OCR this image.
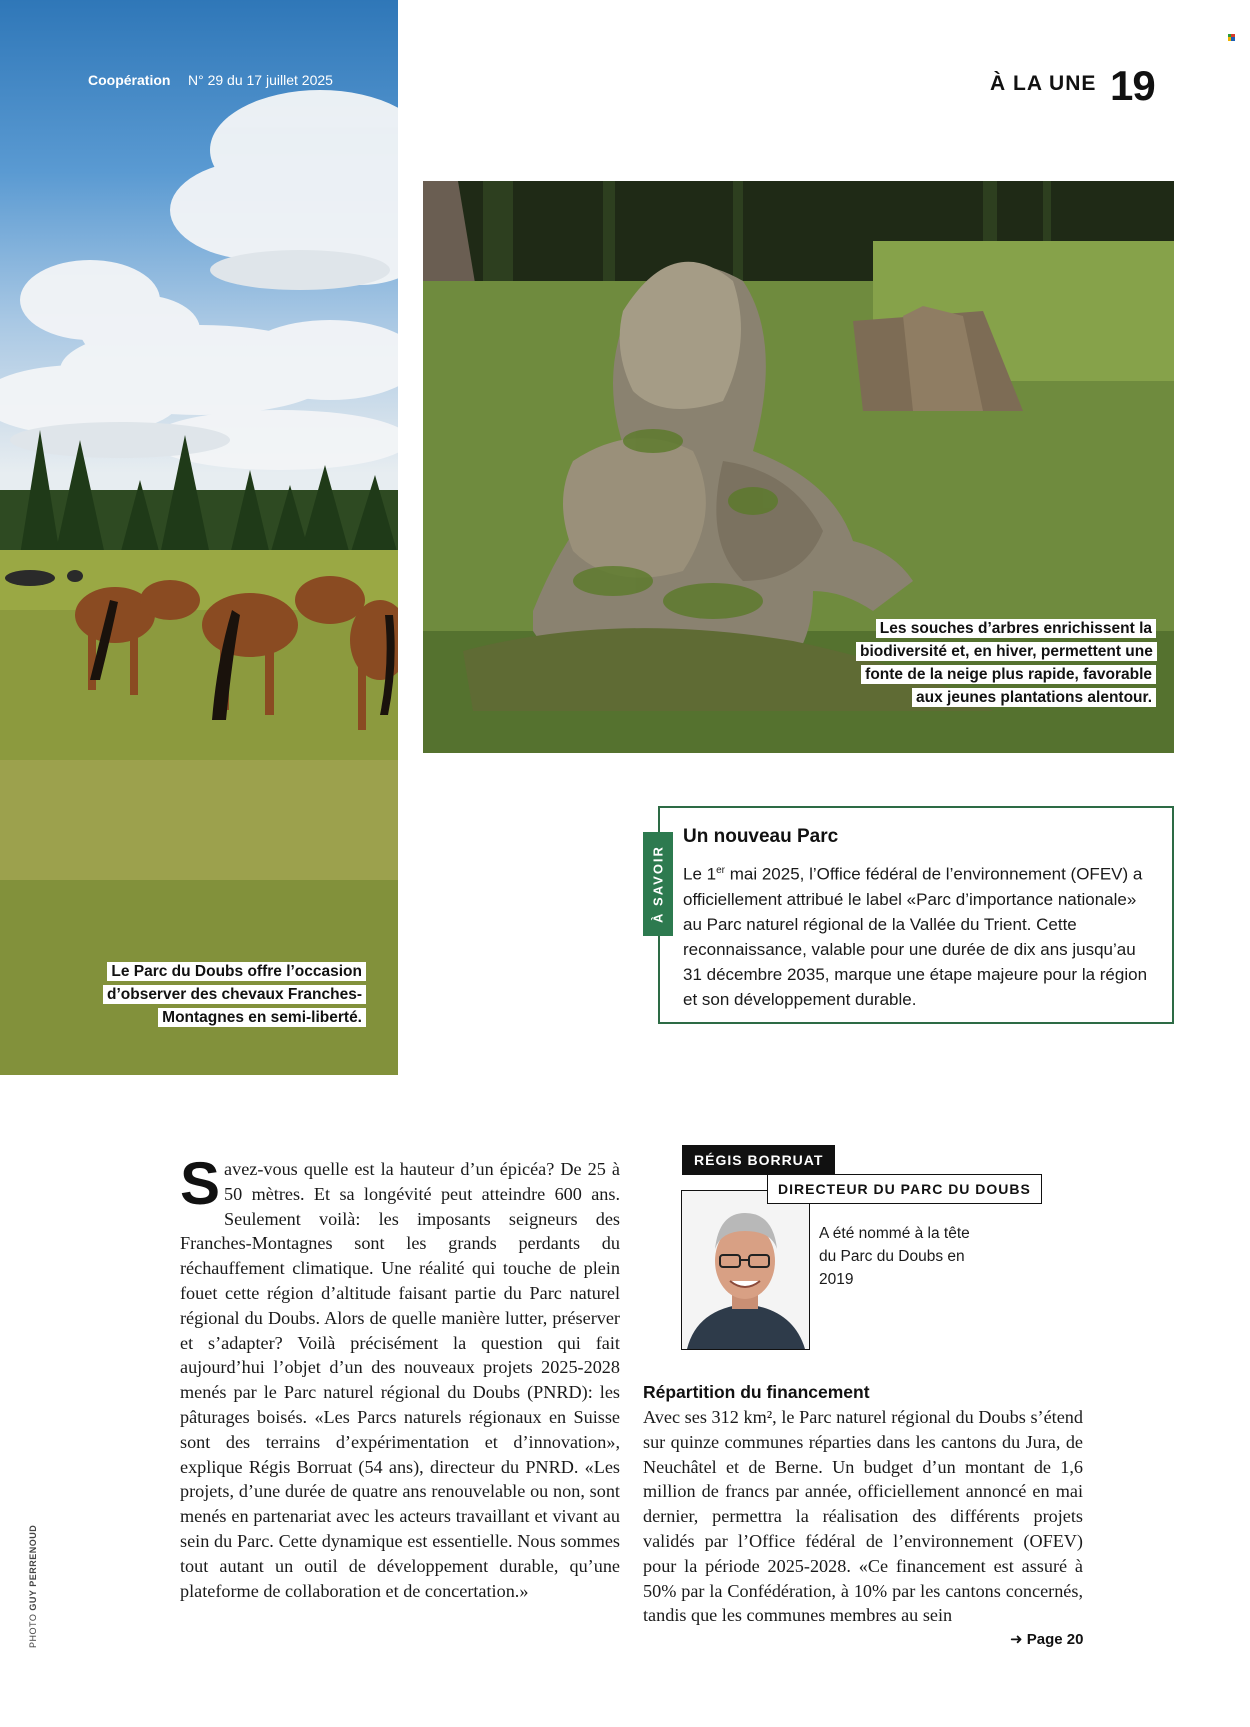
Coopération N° 29 du 17 juillet 2025	À LA UNE 19
Les souches d’arbres enrichissent la biodiversité et, en hiver, permettent une fonte de la neige plus rapide, favorable aux jeunes plantations alentour.
Le Parc du Doubs offre l’occasion d’observer des chevaux Franches-Montagnes en semi-liberté.
À SAVOIR
Un nouveau Parc
Le 1er mai 2025, l’Office fédéral de l’environnement (OFEV) a officiellement attribué le label «Parc d’importance nationale» au Parc naturel régional de la Vallée du Trient. Cette reconnaissance, valable pour une durée de dix ans jusqu’au 31 décembre 2035, marque une étape majeure pour la région et son développement durable.
Savez-vous quelle est la hauteur d’un épicéa? De 25 à 50 mètres. Et sa longévité peut atteindre 600 ans. Seulement voilà: les imposants seigneurs des Franches-Montagnes sont les grands perdants du réchauffement climatique. Une réalité qui touche de plein fouet cette région d’altitude faisant partie du Parc naturel régional du Doubs. Alors de quelle manière lutter, préserver et s’adapter? Voilà précisément la question qui fait aujourd’hui l’objet d’un des nouveaux projets 2025-2028 menés par le Parc naturel régional du Doubs (PNRD): les pâturages boisés. «Les Parcs naturels régionaux en Suisse sont des terrains d’expérimentation et d’innovation», explique Régis Borruat (54 ans), directeur du PNRD. «Les projets, d’une durée de quatre ans renouvelable ou non, sont menés en partenariat avec les acteurs travaillant et vivant au sein du Parc. Cette dynamique est essentielle. Nous sommes tout autant un outil de développement durable, qu’une plateforme de collaboration et de concertation.»
RÉGIS BORRUAT
DIRECTEUR DU PARC DU DOUBS
A été nommé à la tête du Parc du Doubs en 2019
Répartition du financement
Avec ses 312 km², le Parc naturel régional du Doubs s’étend sur quinze communes réparties dans les cantons du Jura, de Neuchâtel et de Berne. Un budget d’un montant de 1,6 million de francs par année, officiellement annoncé en mai dernier, permettra la réalisation des différents projets validés par l’Office fédéral de l’environnement (OFEV) pour la période 2025-2028. «Ce financement est assuré à 50% par la Confédération, à 10% par les cantons concernés, tandis que les communes membres au sein
➜ Page 20
PHOTO GUY PERRENOUD
